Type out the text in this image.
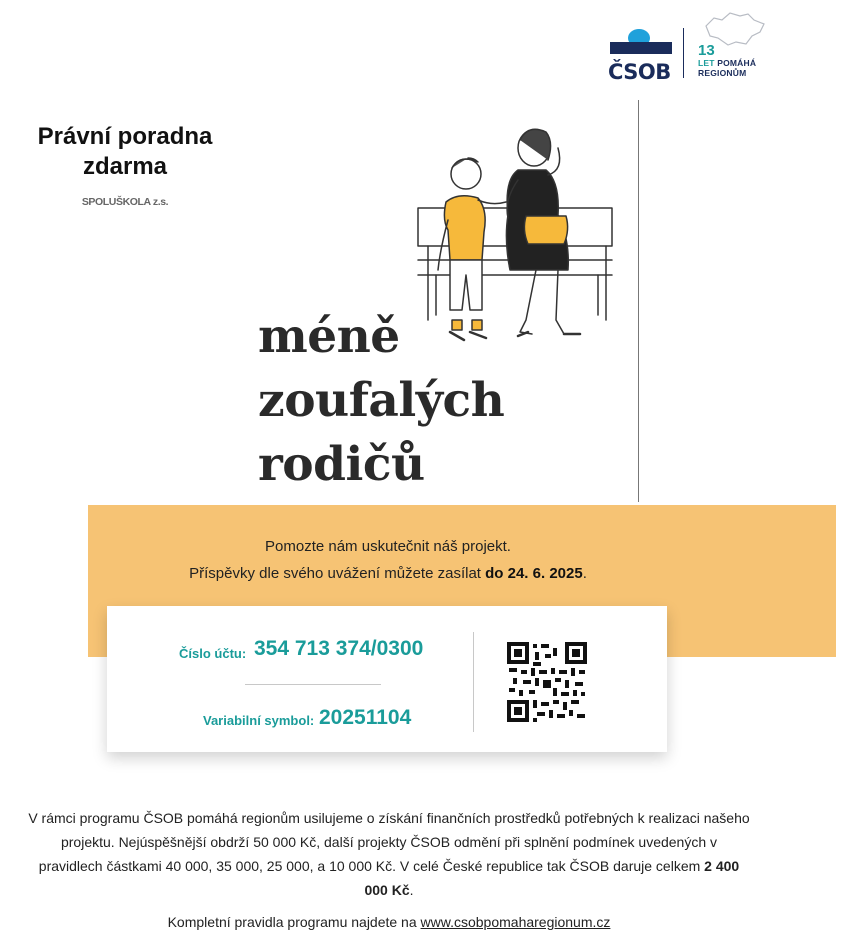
ČSOB
13
LET POMÁHÁ
REGIONŮM
Právní poradna zdarma
SPOLUŠKOLA z.s.
méně
zoufalých
rodičů
Pomozte nám uskutečnit náš projekt.
Příspěvky dle svého uvážení můžete zasílat do 24. 6. 2025.
Číslo účtu: 354 713 374/0300
Variabilní symbol: 20251104

V rámci programu ČSOB pomáhá regionům usilujeme o získání finančních prostředků potřebných k realizaci našeho projektu. Nejúspěšnější obdrží 50 000 Kč, další projekty ČSOB odmění při splnění podmínek uvedených v pravidlech částkami 40 000, 35 000, 25 000, a 10 000 Kč. V celé České republice tak ČSOB daruje celkem 2 400 000 Kč.

Kompletní pravidla programu najdete na www.csobpomaharegionum.cz
